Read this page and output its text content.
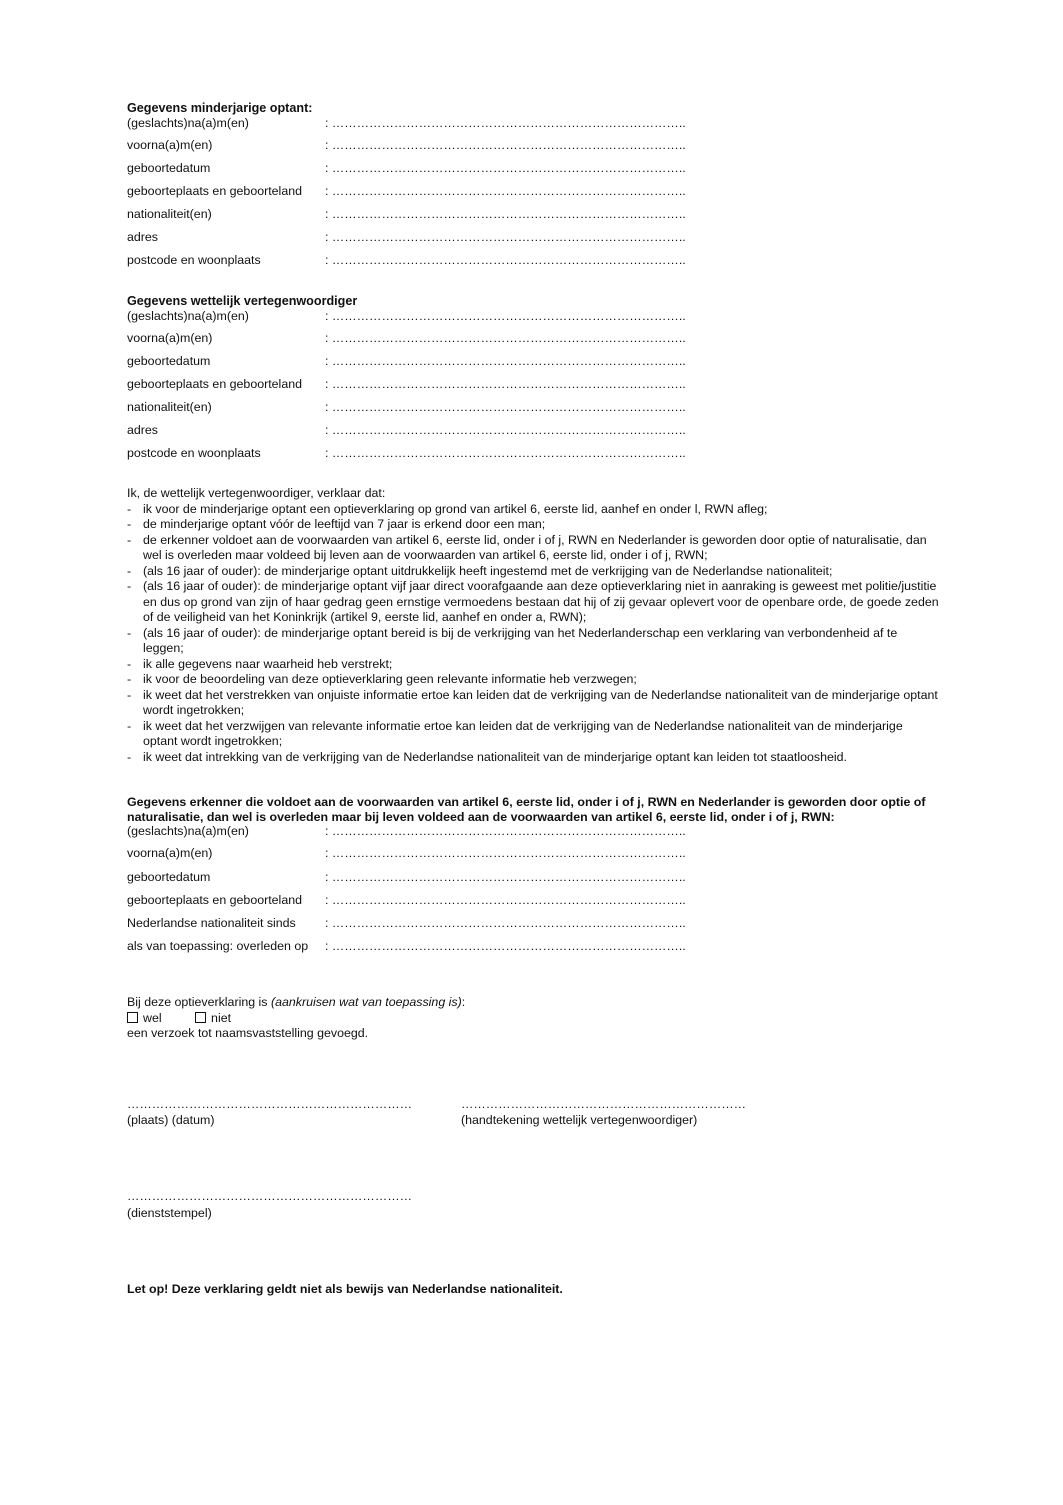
Gegevens minderjarige optant:

(geslachts)na(a)m(en)	: …………………………………………………………………………..
voorna(a)m(en)	: …………………………………………………………………………..
geboortedatum	: …………………………………………………………………………..
geboorteplaats en geboorteland : …………………………………………………………………………..
nationaliteit(en)	: …………………………………………………………………………..
adres	: …………………………………………………………………………..
postcode en woonplaats	: …………………………………………………………………………..

Gegevens wettelijk vertegenwoordiger

(geslachts)na(a)m(en)	: …………………………………………………………………………..
voorna(a)m(en)	: …………………………………………………………………………..
geboortedatum	: …………………………………………………………………………..
geboorteplaats en geboorteland : …………………………………………………………………………..
nationaliteit(en)	: …………………………………………………………………………..
adres	: …………………………………………………………………………..
postcode en woonplaats	: …………………………………………………………………………..

Ik, de wettelijk vertegenwoordiger, verklaar dat:

- ik voor de minderjarige optant een optieverklaring op grond van artikel 6, eerste lid, aanhef en onder l, RWN afleg;
- de minderjarige optant vóór de leeftijd van 7 jaar is erkend door een man;
- de erkenner voldoet aan de voorwaarden van artikel 6, eerste lid, onder i of j, RWN en Nederlander is geworden door optie of naturalisatie, dan wel is overleden maar voldeed bij leven aan de voorwaarden van artikel 6, eerste lid, onder i of j, RWN;
- (als 16 jaar of ouder): de minderjarige optant uitdrukkelijk heeft ingestemd met de verkrijging van de Nederlandse nationaliteit;
- (als 16 jaar of ouder): de minderjarige optant vijf jaar direct voorafgaande aan deze optieverklaring niet in aanraking is geweest met politie/justitie en dus op grond van zijn of haar gedrag geen ernstige vermoedens bestaan dat hij of zij gevaar oplevert voor de openbare orde, de goede zeden of de veiligheid van het Koninkrijk (artikel 9, eerste lid, aanhef en onder a, RWN);
- (als 16 jaar of ouder): de minderjarige optant bereid is bij de verkrijging van het Nederlanderschap een verklaring van verbondenheid af te leggen;
- ik alle gegevens naar waarheid heb verstrekt;
- ik voor de beoordeling van deze optieverklaring geen relevante informatie heb verzwegen;
- ik weet dat het verstrekken van onjuiste informatie ertoe kan leiden dat de verkrijging van de Nederlandse nationaliteit van de minderjarige optant wordt ingetrokken;
- ik weet dat het verzwijgen van relevante informatie ertoe kan leiden dat de verkrijging van de Nederlandse nationaliteit van de minderjarige optant wordt ingetrokken;
- ik weet dat intrekking van de verkrijging van de Nederlandse nationaliteit van de minderjarige optant kan leiden tot staatloosheid.

Gegevens erkenner die voldoet aan de voorwaarden van artikel 6, eerste lid, onder i of j, RWN en Nederlander is geworden door optie of naturalisatie, dan wel is overleden maar bij leven voldeed aan de voorwaarden van artikel 6, eerste lid, onder i of j, RWN:

(geslachts)na(a)m(en)	: …………………………………………………………………………..
voorna(a)m(en)	: …………………………………………………………………………..
geboortedatum	: …………………………………………………………………………..
geboorteplaats en geboorteland : …………………………………………………………………………..
Nederlandse nationaliteit sinds : …………………………………………………………………………..
als van toepassing: overleden op : …………………………………………………………………………..

Bij deze optieverklaring is (aankruisen wat van toepassing is):

wel	niet

een verzoek tot naamsvaststelling gevoegd.

……………………………………………………………
(plaats) (datum)
……………………………………………………………
(handtekening wettelijk vertegenwoordiger)
……………………………………………………………
(dienststempel)
Let op! Deze verklaring geldt niet als bewijs van Nederlandse nationaliteit.
